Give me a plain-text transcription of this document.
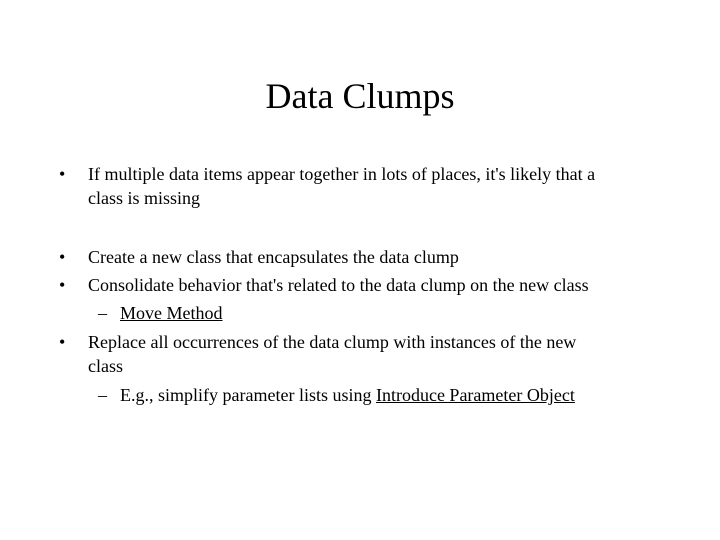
Data Clumps
• If multiple data items appear together in lots of places, it's likely that a
class is missing
• Create a new class that encapsulates the data clump
• Consolidate behavior that's related to the data clump on the new class
– Move Method
• Replace all occurrences of the data clump with instances of the new
class
– E.g., simplify parameter lists using Introduce Parameter Object
